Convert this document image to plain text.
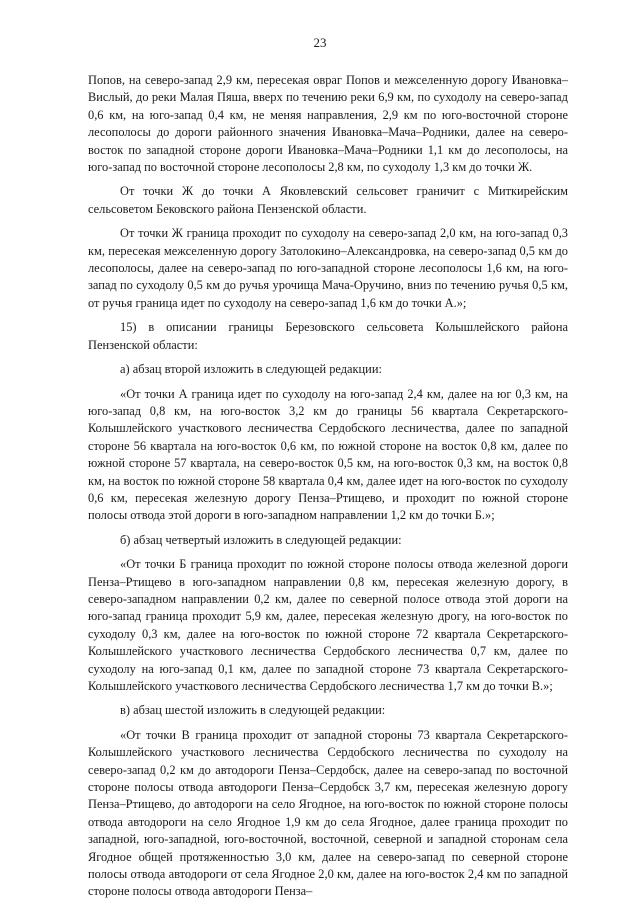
23

Попов, на северо-запад 2,9 км, пересекая овраг Попов и межселенную дорогу Ивановка–Вислый, до реки Малая Пяша, вверх по течению реки 6,9 км, по суходолу на северо-запад 0,6 км, на юго-запад 0,4 км, не меняя направления, 2,9 км по юго-восточной стороне лесополосы до дороги районного значения Ивановка–Мача–Родники, далее на северо-восток по западной стороне дороги Ивановка–Мача–Родники 1,1 км до лесополосы, на юго-запад по восточной стороне лесополосы 2,8 км, по суходолу 1,3 км до точки Ж.

От точки Ж до точки А Яковлевский сельсовет граничит с Миткирейским сельсоветом Бековского района Пензенской области.

От точки Ж граница проходит по суходолу на северо-запад 2,0 км, на юго-запад 0,3 км, пересекая межселенную дорогу Затолокино–Александровка, на северо-запад 0,5 км до лесополосы, далее на северо-запад по юго-западной стороне лесополосы 1,6 км, на юго-запад по суходолу 0,5 км до ручья урочища Мача-Оручино, вниз по течению ручья 0,5 км, от ручья граница идет по суходолу на северо-запад 1,6 км до точки А.»;

15) в описании границы Березовского сельсовета Колышлейского района Пензенской области:

а) абзац второй изложить в следующей редакции:

«От точки А граница идет по суходолу на юго-запад 2,4 км, далее на юг 0,3 км, на юго-запад 0,8 км, на юго-восток 3,2 км до границы 56 квартала Секретарского-Колышлейского участкового лесничества Сердобского лесничества, далее по западной стороне 56 квартала на юго-восток 0,6 км, по южной стороне на восток 0,8 км, далее по южной стороне 57 квартала, на северо-восток 0,5 км, на юго-восток 0,3 км, на восток 0,8 км, на восток по южной стороне 58 квартала 0,4 км, далее идет на юго-восток по суходолу 0,6 км, пересекая железную дорогу Пенза–Ртищево, и проходит по южной стороне полосы отвода этой дороги в юго-западном направлении 1,2 км до точки Б.»;

б) абзац четвертый изложить в следующей редакции:

«От точки Б граница проходит по южной стороне полосы отвода железной дороги Пенза–Ртищево в юго-западном направлении 0,8 км, пересекая железную дорогу, в северо-западном направлении 0,2 км, далее по северной полосе отвода этой дороги на юго-запад граница проходит 5,9 км, далее, пересекая железную дрогу, на юго-восток по суходолу 0,3 км, далее на юго-восток по южной стороне 72 квартала Секретарского-Колышлейского участкового лесничества Сердобского лесничества 0,7 км, далее по суходолу на юго-запад 0,1 км, далее по западной стороне 73 квартала Секретарского-Колышлейского участкового лесничества Сердобского лесничества 1,7 км до точки В.»;

в) абзац шестой изложить в следующей редакции:

«От точки В граница проходит от западной стороны 73 квартала Секретарского-Колышлейского участкового лесничества Сердобского лесничества по суходолу на северо-запад 0,2 км до автодороги Пенза–Сердобск, далее на северо-запад по восточной стороне полосы отвода автодороги Пенза–Сердобск 3,7 км, пересекая железную дорогу Пенза–Ртищево, до автодороги на село Ягодное, на юго-восток по южной стороне полосы отвода автодороги на село Ягодное 1,9 км до села Ягодное, далее граница проходит по западной, юго-западной, юго-восточной, восточной, северной и западной сторонам села Ягодное общей протяженностью 3,0 км, далее на северо-запад по северной стороне полосы отвода автодороги от села Ягодное 2,0 км, далее на юго-восток 2,4 км по западной стороне полосы отвода автодороги Пенза–
